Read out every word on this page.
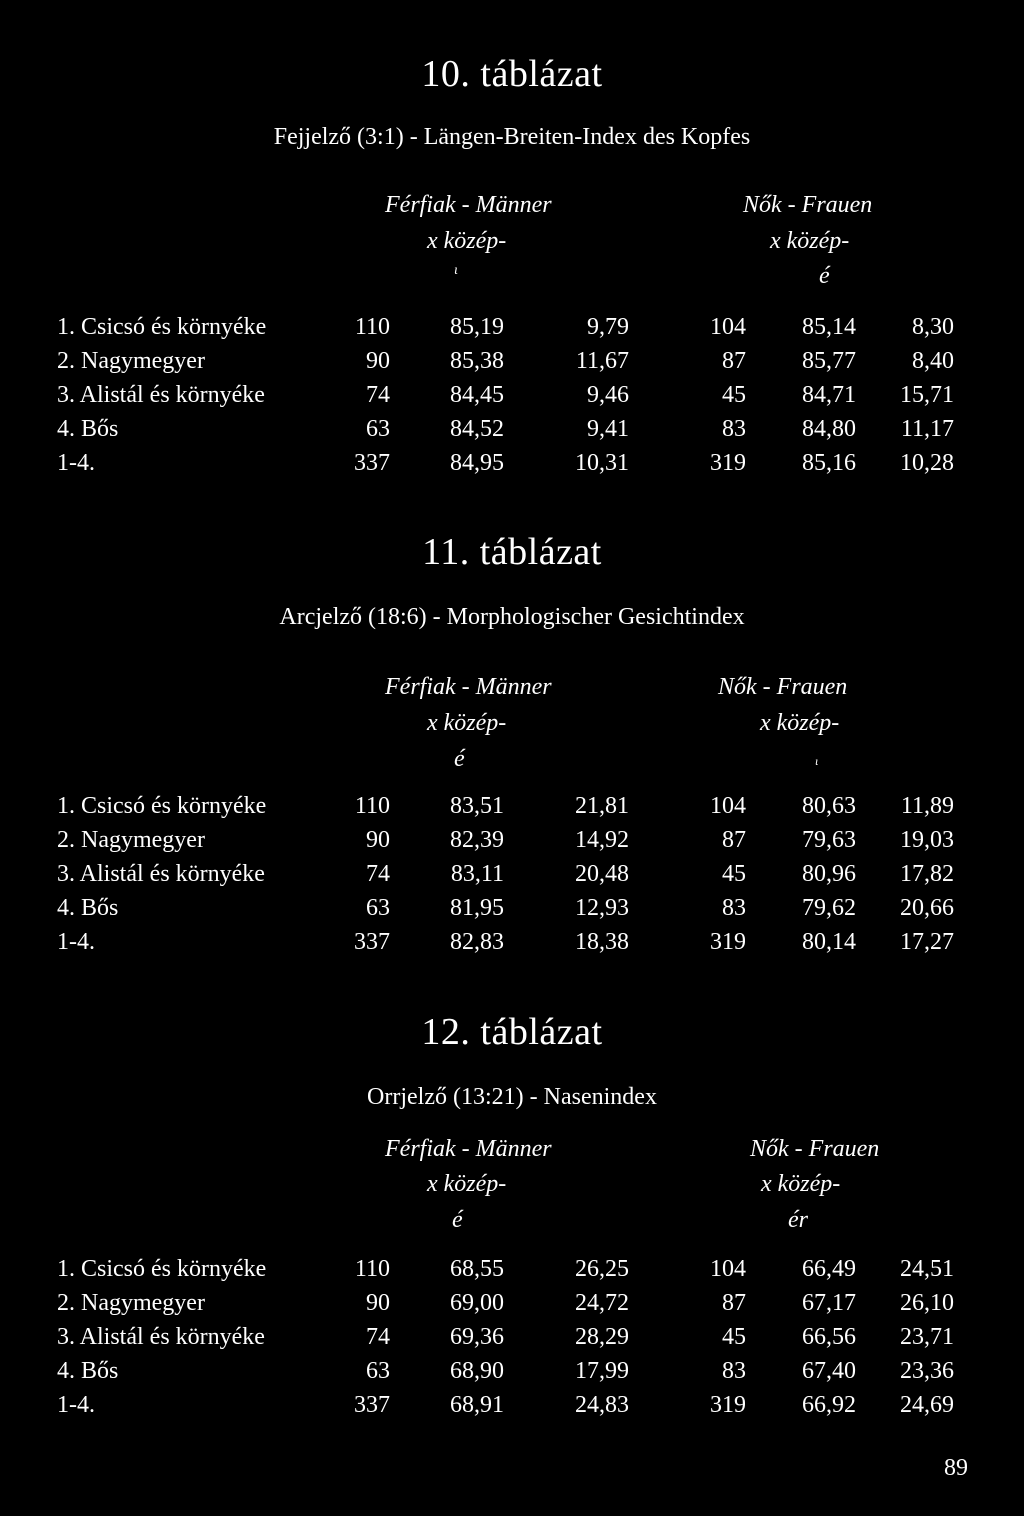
10. táblázat
Fejjelző (3:1) - Längen-Breiten-Index des Kopfes
Férfiak - Männer	Nők - Frauen
x közép-	x közép-
ι	é
1. Csicsó és környéke	110	85,19	9,79	104 85,14 8,30
2. Nagymegyer	90	85,38	11,67	87 85,77 8,40
3. Alistál és környéke	74	84,45	9,46	45 84,71 15,71
4. Bős	63	84,52	9,41	83 84,80 11,17
1-4.	337	84,95	10,31	319 85,16 10,28
11. táblázat
Arcjelző (18:6) - Morphologischer Gesichtindex
Férfiak - Männer	Nők - Frauen
x közép-	x közép-
é	ι
1. Csicsó és környéke	110	83,51	21,81	104 80,63 11,89
2. Nagymegyer	90	82,39	14,92	87 79,63 19,03
3. Alistál és környéke	74	83,11	20,48	45 80,96 17,82
4. Bős	63	81,95	12,93	83 79,62 20,66
1-4.	337	82,83	18,38	319 80,14 17,27
12. táblázat
Orrjelző (13:21) - Nasenindex
Férfiak - Männer	Nők - Frauen
x közép-	x közép-
é	ér
1. Csicsó és környéke	110	68,55	26,25	104 66,49 24,51
2. Nagymegyer	90	69,00	24,72	87 67,17 26,10
3. Alistál és környéke	74	69,36	28,29	45 66,56 23,71
4. Bős	63	68,90	17,99	83 67,40 23,36
1-4.	337	68,91	24,83	319 66,92 24,69
89
